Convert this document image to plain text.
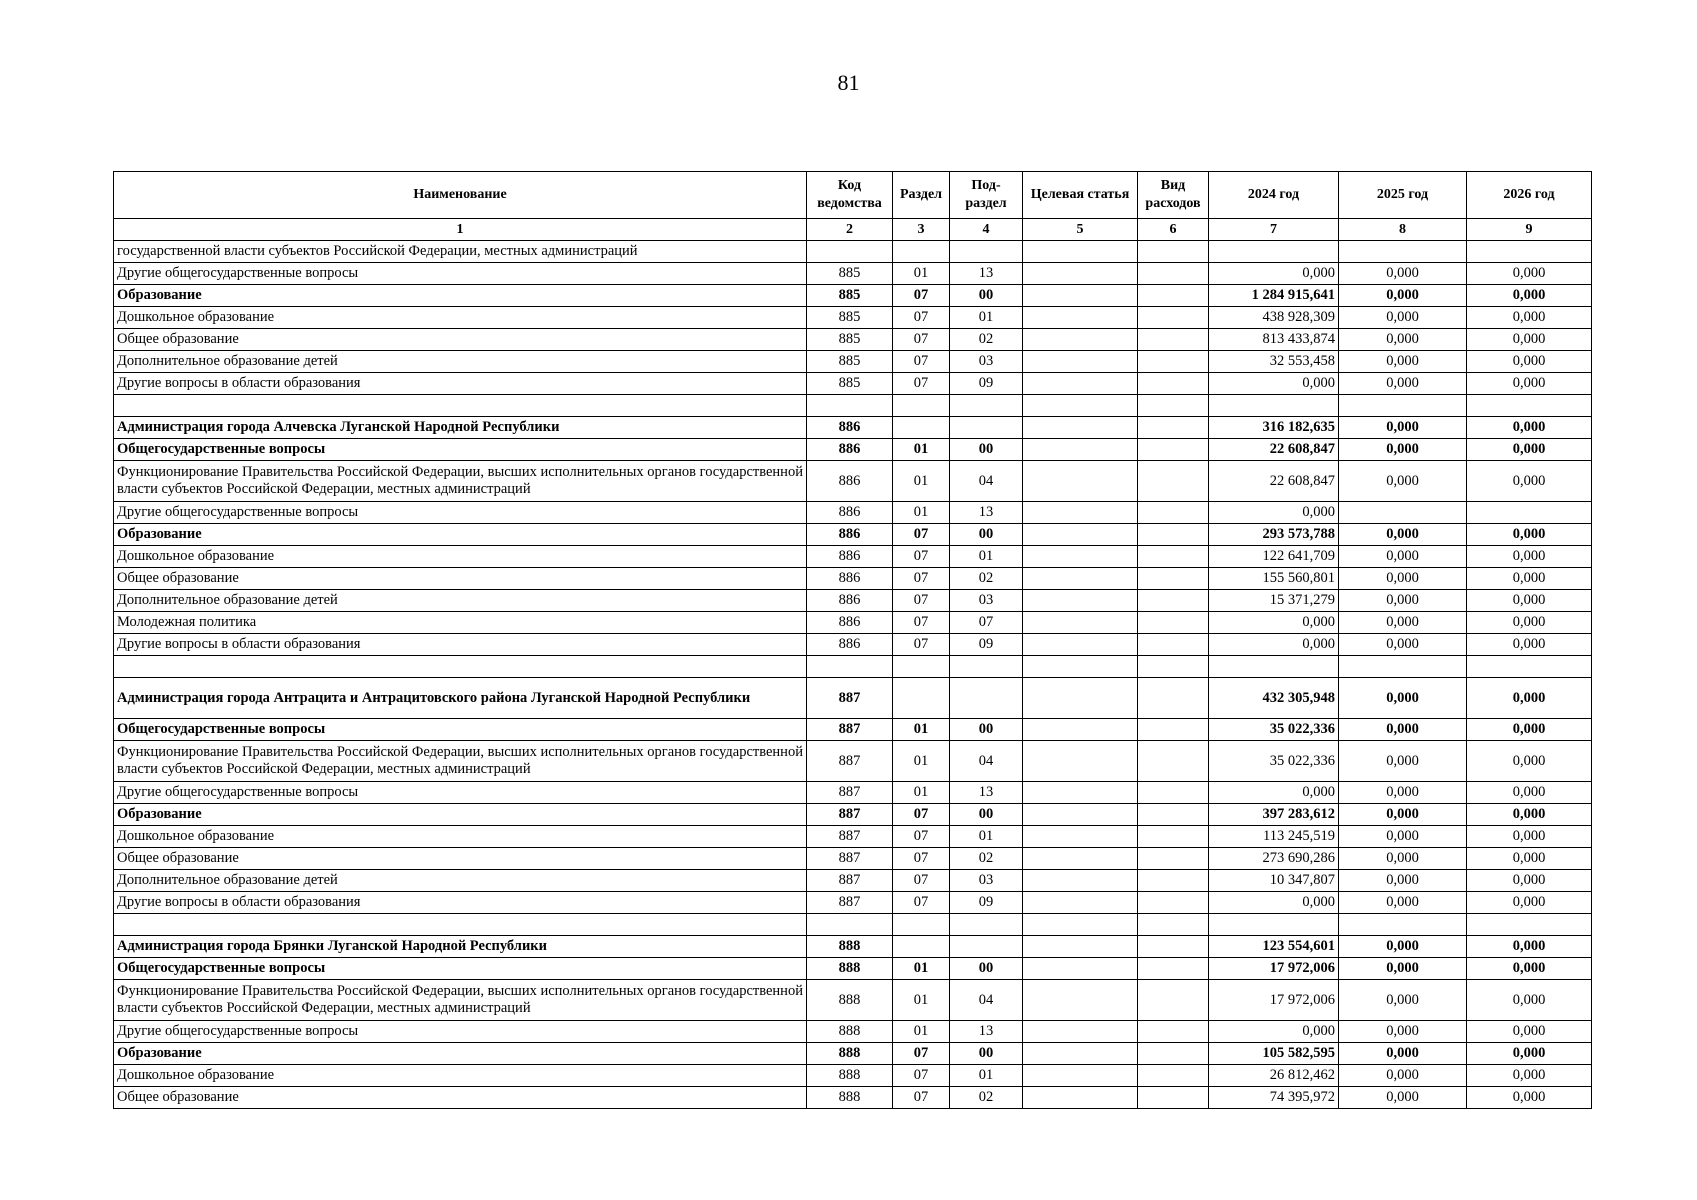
81
Наименование	Код ведомства	Раздел	Под-раздел	Целевая статья	Вид расходов	2024 год	2025 год	2026 год
1	2	3	4	5	6	7	8	9
государственной власти субъектов Российской Федерации, местных администраций								
Другие общегосударственные вопросы	885	01	13			0,000	0,000	0,000
Образование	885	07	00			1 284 915,641	0,000	0,000
Дошкольное образование	885	07	01			438 928,309	0,000	0,000
Общее образование	885	07	02			813 433,874	0,000	0,000
Дополнительное образование детей	885	07	03			32 553,458	0,000	0,000
Другие вопросы в области образования	885	07	09			0,000	0,000	0,000

Администрация города Алчевска Луганской Народной Республики	886					316 182,635	0,000	0,000
Общегосударственные вопросы	886	01	00			22 608,847	0,000	0,000
Функционирование Правительства Российской Федерации, высших исполнительных органов государственной власти субъектов Российской Федерации, местных администраций	886	01	04			22 608,847	0,000	0,000
Другие общегосударственные вопросы	886	01	13			0,000		
Образование	886	07	00			293 573,788	0,000	0,000
Дошкольное образование	886	07	01			122 641,709	0,000	0,000
Общее образование	886	07	02			155 560,801	0,000	0,000
Дополнительное образование детей	886	07	03			15 371,279	0,000	0,000
Молодежная политика	886	07	07			0,000	0,000	0,000
Другие вопросы в области образования	886	07	09			0,000	0,000	0,000

Администрация города Антрацита и Антрацитовского района Луганской Народной Республики	887					432 305,948	0,000	0,000
Общегосударственные вопросы	887	01	00			35 022,336	0,000	0,000
Функционирование Правительства Российской Федерации, высших исполнительных органов государственной власти субъектов Российской Федерации, местных администраций	887	01	04			35 022,336	0,000	0,000
Другие общегосударственные вопросы	887	01	13			0,000	0,000	0,000
Образование	887	07	00			397 283,612	0,000	0,000
Дошкольное образование	887	07	01			113 245,519	0,000	0,000
Общее образование	887	07	02			273 690,286	0,000	0,000
Дополнительное образование детей	887	07	03			10 347,807	0,000	0,000
Другие вопросы в области образования	887	07	09			0,000	0,000	0,000

Администрация города Брянки Луганской Народной Республики	888					123 554,601	0,000	0,000
Общегосударственные вопросы	888	01	00			17 972,006	0,000	0,000
Функционирование Правительства Российской Федерации, высших исполнительных органов государственной власти субъектов Российской Федерации, местных администраций	888	01	04			17 972,006	0,000	0,000
Другие общегосударственные вопросы	888	01	13			0,000	0,000	0,000
Образование	888	07	00			105 582,595	0,000	0,000
Дошкольное образование	888	07	01			26 812,462	0,000	0,000
Общее образование	888	07	02			74 395,972	0,000	0,000
